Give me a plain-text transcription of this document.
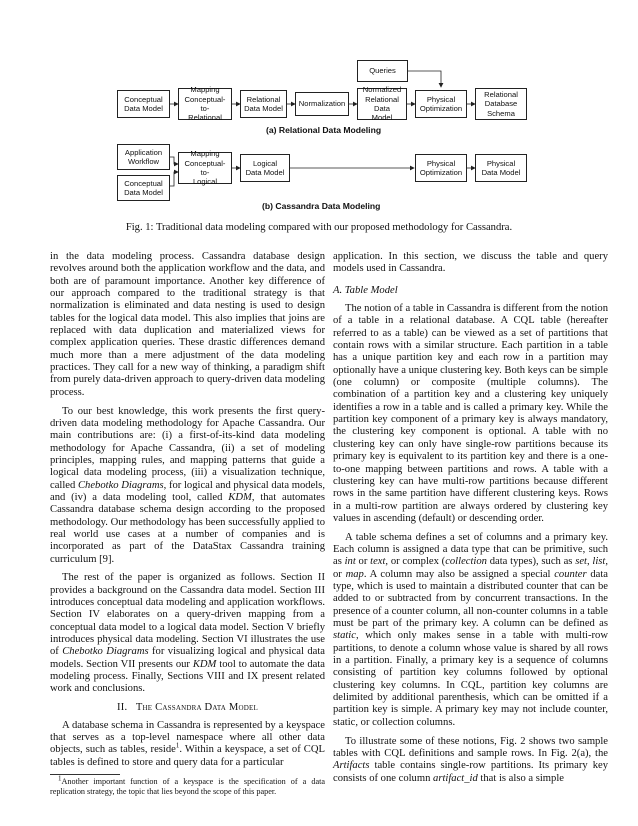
Queries
Conceptual
Data Model
Mapping
Conceptual-to-
Relational
Relational
Data Model
Normalization
Normalized
Relational Data
Model
Physical
Optimization
Relational
Database
Schema
(a) Relational Data Modeling
Application
Workflow
Conceptual
Data Model
Mapping
Conceptual-to-
Logical
Logical
Data Model
Physical
Optimization
Physical
Data Model
(b) Cassandra Data Modeling
Fig. 1: Traditional data modeling compared with our proposed methodology for Cassandra.

in the data modeling process. Cassandra database design revolves around both the application workflow and the data, and both are of paramount importance. Another key difference of our approach compared to the traditional strategy is that normalization is eliminated and data nesting is used to design tables for the logical data model. This also implies that joins are replaced with data duplication and materialized views for complex application queries. These drastic differences demand much more than a mere adjustment of the data modeling practices. They call for a new way of thinking, a paradigm shift from purely data-driven approach to query-driven data modeling process.

To our best knowledge, this work presents the first query-driven data modeling methodology for Apache Cassandra. Our main contributions are: (i) a first-of-its-kind data modeling methodology for Apache Cassandra, (ii) a set of modeling principles, mapping rules, and mapping patterns that guide a logical data modeling process, (iii) a visualization technique, called Chebotko Diagrams, for logical and physical data models, and (iv) a data modeling tool, called KDM, that automates Cassandra database schema design according to the proposed methodology. Our methodology has been successfully applied to real world use cases at a number of companies and is incorporated as part of the DataStax Cassandra training curriculum [9].

The rest of the paper is organized as follows. Section II provides a background on the Cassandra data model. Section III introduces conceptual data modeling and application workflows. Section IV elaborates on a query-driven mapping from a conceptual data model to a logical data model. Section V briefly introduces physical data modeling. Section VI illustrates the use of Chebotko Diagrams for visualizing logical and physical data models. Section VII presents our KDM tool to automate the data modeling process. Finally, Sections VIII and IX present related work and conclusions.

II. The Cassandra Data Model

A database schema in Cassandra is represented by a keyspace that serves as a top-level namespace where all other data objects, such as tables, reside$^1$. Within a keyspace, a set of CQL tables is defined to store and query data for a particular

$^1$Another important function of a keyspace is the specification of a data replication strategy, the topic that lies beyond the scope of this paper.

application. In this section, we discuss the table and query models used in Cassandra.

A. Table Model

The notion of a table in Cassandra is different from the notion of a table in a relational database. A CQL table (hereafter referred to as a table) can be viewed as a set of partitions that contain rows with a similar structure. Each partition in a table has a unique partition key and each row in a partition may optionally have a unique clustering key. Both keys can be simple (one column) or composite (multiple columns). The combination of a partition key and a clustering key uniquely identifies a row in a table and is called a primary key. While the partition key component of a primary key is always mandatory, the clustering key component is optional. A table with no clustering key can only have single-row partitions because its primary key is equivalent to its partition key and there is a one-to-one mapping between partitions and rows. A table with a clustering key can have multi-row partitions because different rows in the same partition have different clustering keys. Rows in a multi-row partition are always ordered by clustering key values in ascending (default) or descending order.

A table schema defines a set of columns and a primary key. Each column is assigned a data type that can be primitive, such as int or text, or complex (collection data types), such as set, list, or map. A column may also be assigned a special counter data type, which is used to maintain a distributed counter that can be added to or subtracted from by concurrent transactions. In the presence of a counter column, all non-counter columns in a table must be part of the primary key. A column can be defined as static, which only makes sense in a table with multi-row partitions, to denote a column whose value is shared by all rows in a partition. Finally, a primary key is a sequence of columns consisting of partition key columns followed by optional clustering key columns. In CQL, partition key columns are delimited by additional parenthesis, which can be omitted if a partition key is simple. A primary key may not include counter, static, or collection columns.

To illustrate some of these notions, Fig. 2 shows two sample tables with CQL definitions and sample rows. In Fig. 2(a), the Artifacts table contains single-row partitions. Its primary key consists of one column artifact_id that is also a simple
